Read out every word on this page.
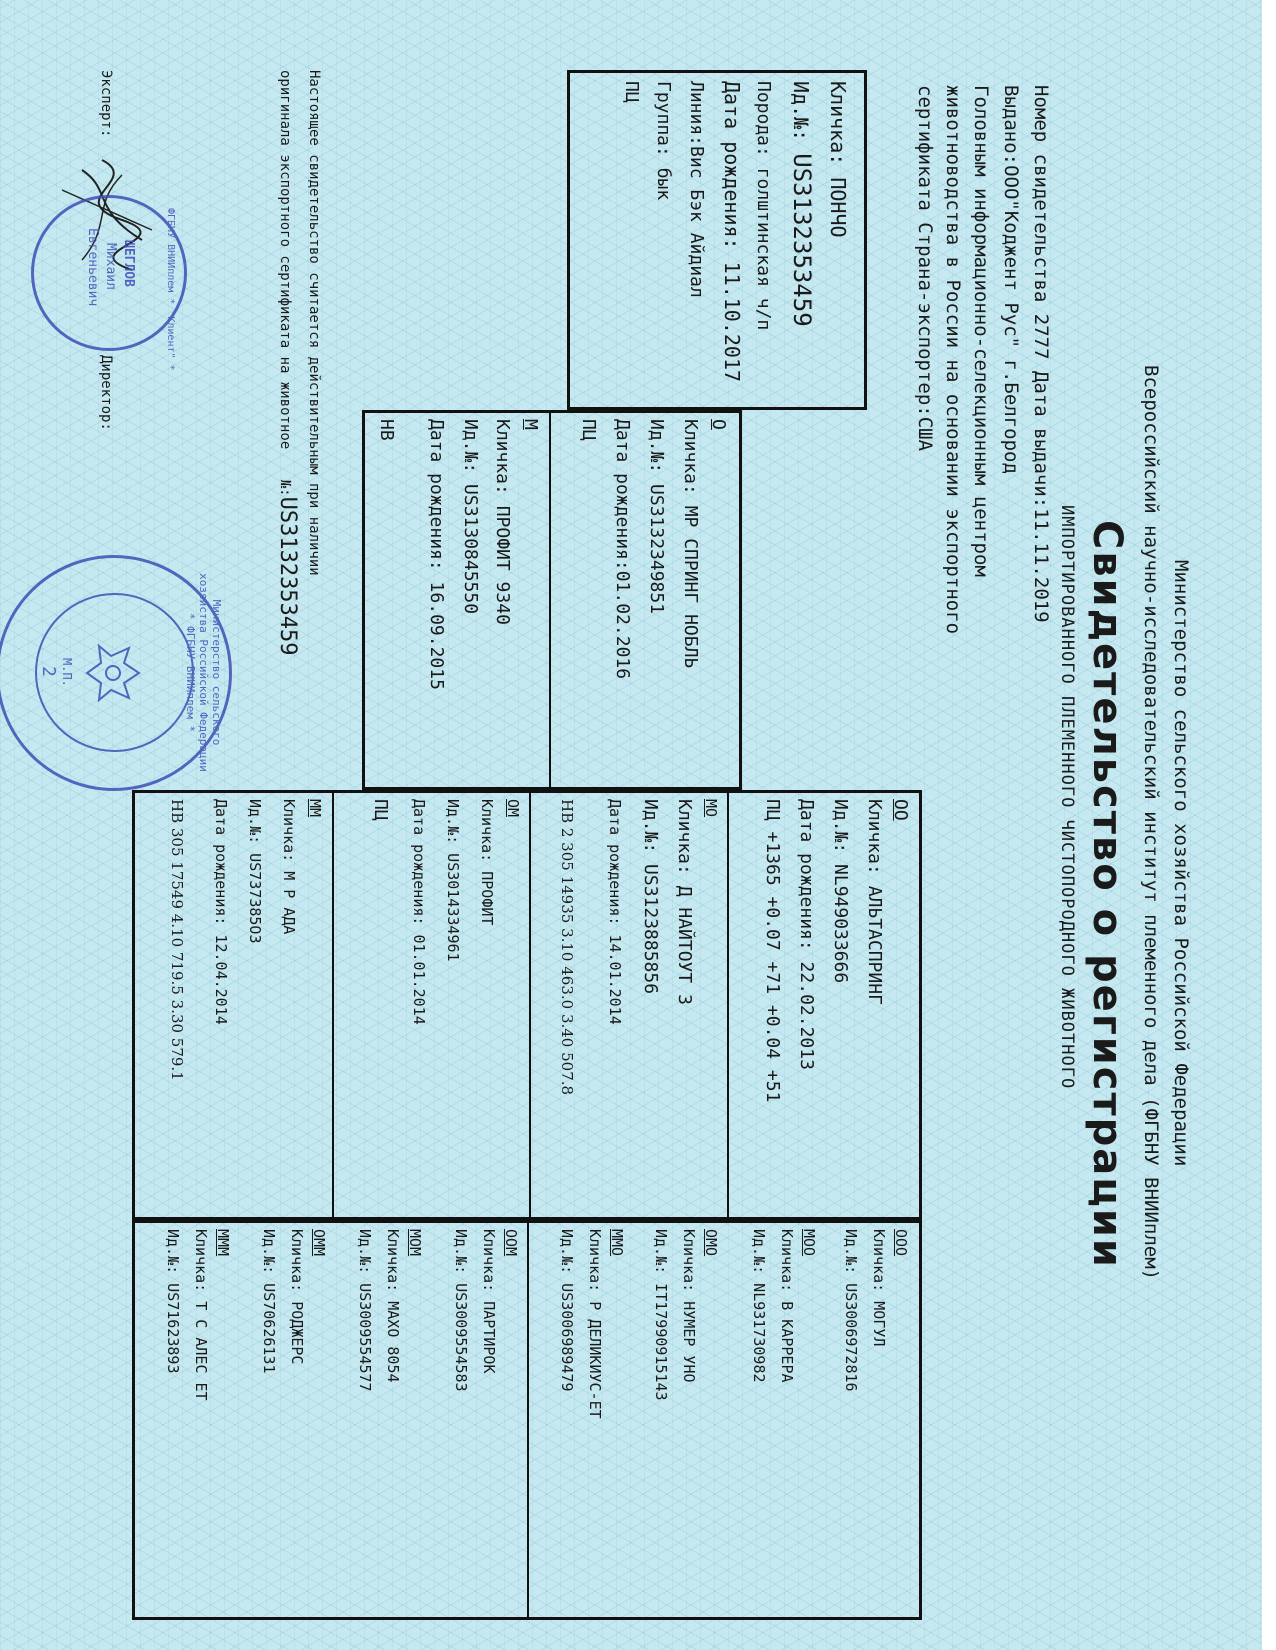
Министерство сельского хозяйства Российской Федерации
Всероссийский научно-исследовательский институт племенного дела (ФГБНУ ВНИИплем)
Свидетельство о регистрации
ИМПОРТИРОВАННОГО ПЛЕМЕННОГО ЧИСТОПОРОДНОГО ЖИВОТНОГО
Номер свидетельства 2777 Дата выдачи:11.11.2019
Выдано:ООО"Коджент Рус" г.Белгород
Головным информационно-селекционным центром
животноводства в России на основании экспортного
сертификата Страна-экспортер:США
Кличка: ПОНЧО
Ид.№: US3132353459
Порода: голштинская ч/п
Дата рождения: 11.10.2017
Линия:Вис Бэк Айдиал
Группа: бык
ПЦ
О
Кличка: МР СПРИНГ НОБЛЬ
Ид.№: US3132349851
Дата рождения:01.02.2016
ПЦ
М
Кличка: ПРОФИТ 9340
Ид.№: US3130845550
Дата рождения: 16.09.2015
НВ
ОО
Кличка: АЛЬТАСПРИНГ
Ид.№: NL949033666
Дата рождения: 22.02.2013
ПЦ +1365 +0.07 +71 +0.04 +51
МО
Кличка: Д НАЙТОУТ 3
Ид.№: US3123885856
Дата рождения: 14.01.2014
НВ 2 305 14935 3.10 463.0 3.40 507.8
ОМ
Кличка: ПРОФИТ
Ид.№: US3014334961
Дата рождения: 01.01.2014
ПЦ
ММ
Кличка: М Р АДА
Ид.№: US737385O3
Дата рождения: 12.04.2014
НВ 305 17549 4.10 719.5 3.30 579.1
ООО
Кличка: МОГУЛ
Ид.№: US3006972816
МОО
Кличка: В КАРРЕРА
Ид.№: NL931730982
ОМО
Кличка: НУМЕР УНО
Ид.№: IT17990915143
ММО
Кличка: Р ДЕЛИКИУС-ЕТ
Ид.№: US3006989479
ООМ
Кличка: ПАРТИРОК
Ид.№: US3009554583
МОМ
Кличка: МАХО 8054
Ид.№: US3009554577
ОММ
Кличка: РОДЖЕРС
Ид.№: US70626131
МММ
Кличка: Т С АЛЕС ЕТ
Ид.№: US71623893
Настоящее свидетельство считается действительным при наличии
оригинала экспортного сертификата на животное №:US3132353459
Эксперт:
Директор:
ФГБНУ ВНИИплем * "Клиент" *
ЩЕГЛОВ
Михаил
Евгеньевич
Министерство сельского хозяйства Российской Федерации * ФГБНУ ВНИИплем *
М.П.
2
